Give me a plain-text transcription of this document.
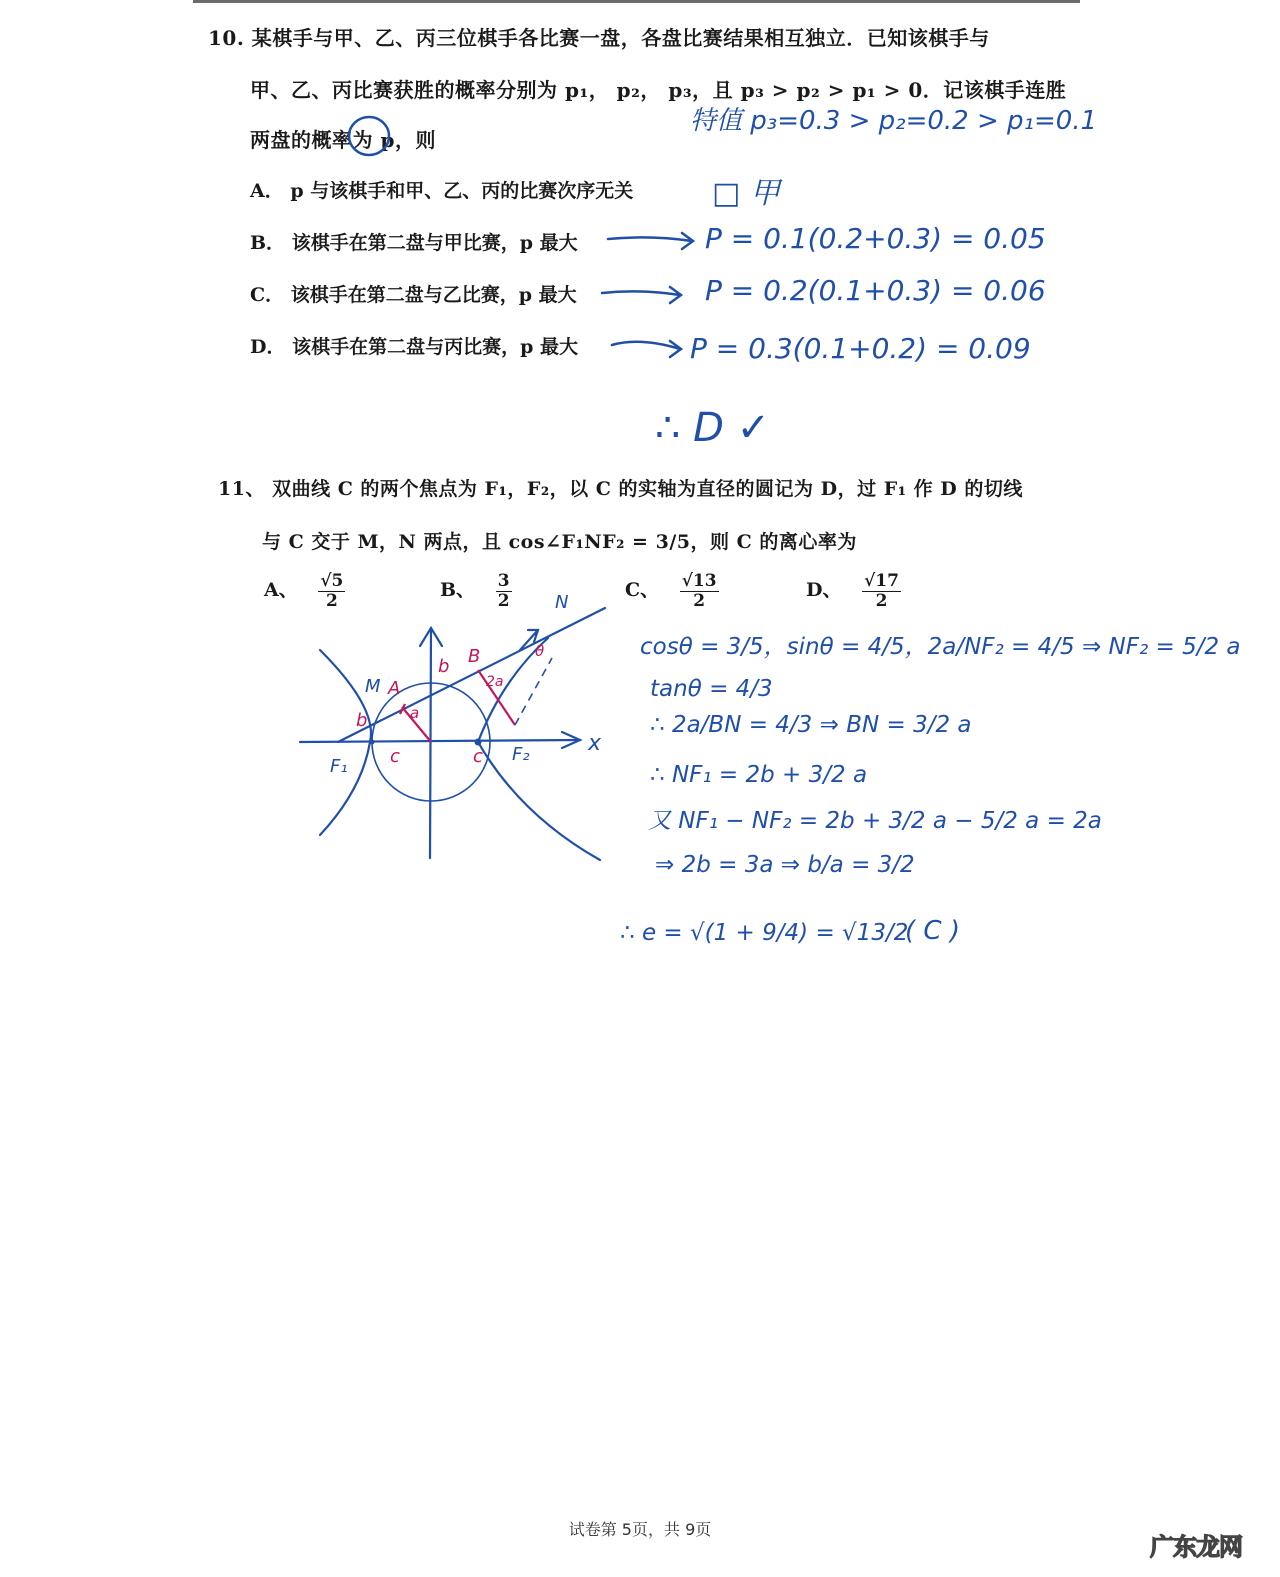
10. 某棋手与甲、乙、丙三位棋手各比赛一盘，各盘比赛结果相互独立．已知该棋手与
甲、乙、丙比赛获胜的概率分别为 p₁， p₂， p₃，且 p₃ > p₂ > p₁ > 0．记该棋手连胜
两盘的概率为 p，则
A． p 与该棋手和甲、乙、丙的比赛次序无关
B． 该棋手在第二盘与甲比赛，p 最大
C． 该棋手在第二盘与乙比赛，p 最大
D． 该棋手在第二盘与丙比赛，p 最大
特值 p₃=0.3 > p₂=0.2 > p₁=0.1
□ 甲
P = 0.1(0.2+0.3) = 0.05
P = 0.2(0.1+0.3) = 0.06
P = 0.3(0.1+0.2) = 0.09
∴ D ✓
11、 双曲线 C 的两个焦点为 F₁，F₂，以 C 的实轴为直径的圆记为 D，过 F₁ 作 D 的切线
与 C 交于 M，N 两点，且 cos∠F₁NF₂ = 3/5，则 C 的离心率为
A、 $\frac{√5}{2}$	B、 $\frac{3}{2}$	C、 $\frac{√13}{2}$	D、 $\frac{√17}{2}$
N
M A
B
b
b	a
2a
c	c
θ
F₁
F₂	x
cosθ = 3/5，sinθ = 4/5，2a/NF₂ = 4/5 ⇒ NF₂ = 5/2 a
tanθ = 4/3
∴ 2a/BN = 4/3 ⇒ BN = 3/2 a
∴ NF₁ = 2b + 3/2 a
又 NF₁ − NF₂ = 2b + 3/2 a − 5/2 a = 2a
⇒ 2b = 3a ⇒ b/a = 3/2
∴ e = √(1 + 9/4) = √13/2
( C )
试卷第 5页，共 9页
广东龙网
